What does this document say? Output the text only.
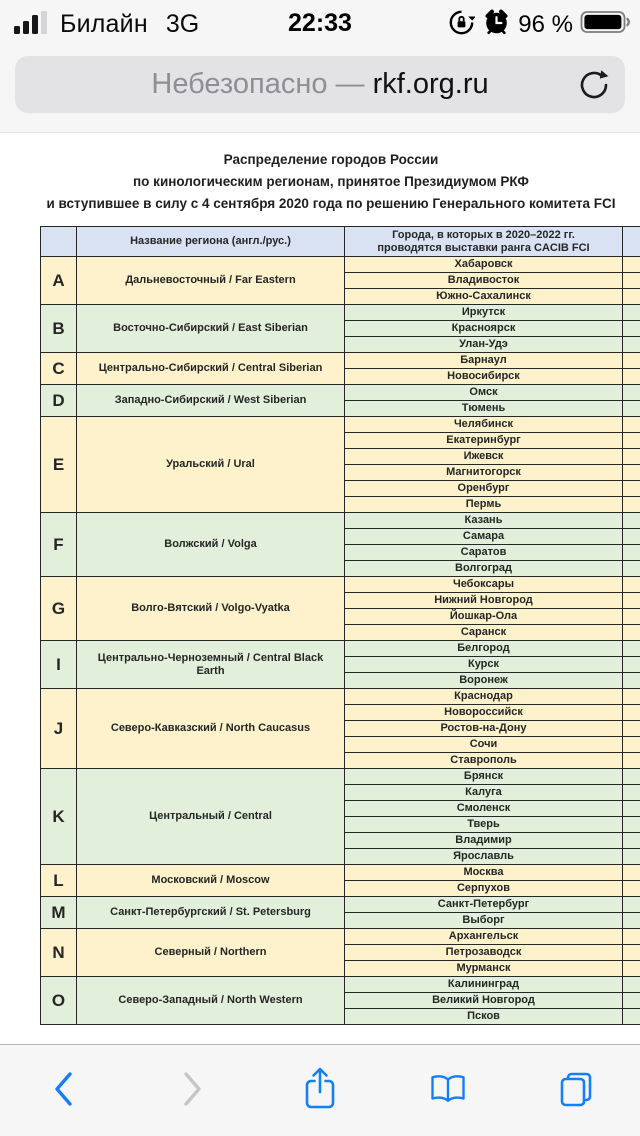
Билайн 3G	22:33	96 %
Небезопасно — rkf.org.ru
Распределение городов России
по кинологическим регионам, принятое Президиумом РКФ
и вступившее в силу с 4 сентября 2020 года по решению Генерального комитета FCI
	Название региона (англ./рус.)	Города, в которых в 2020–2022 гг.
проводятся выставки ранга CACIB FCI	

A	Дальневосточный / Far Eastern	Хабаровск	
		Владивосток	
		Южно-Сахалинск	
B	Восточно-Сибирский / East Siberian	Иркутск	
		Красноярск	
		Улан-Удэ	
C	Центрально-Сибирский / Central Siberian	Барнаул	
		Новосибирск	
D	Западно-Сибирский / West Siberian	Омск	
		Тюмень	
E	Уральский / Ural	Челябинск	
		Екатеринбург	
		Ижевск	
		Магнитогорск	
		Оренбург	
		Пермь	
F	Волжский / Volga	Казань	
		Самара	
		Саратов	
		Волгоград	
G	Волго-Вятский / Volgo-Vyatka	Чебоксары	
		Нижний Новгород	
		Йошкар-Ола	
		Саранск	
I	Центрально-Черноземный / Central Black Earth	Белгород	
		Курск	
		Воронеж	
J	Северо-Кавказский / North Caucasus	Краснодар	
		Новороссийск	
		Ростов-на-Дону	
		Сочи	
		Ставрополь	
K	Центральный / Central	Брянск	
		Калуга	
		Смоленск	
		Тверь	
		Владимир	
		Ярославль	
L	Московский / Moscow	Москва	
		Серпухов	
M	Санкт-Петербургский / St. Petersburg	Санкт-Петербург	
		Выборг	
N	Северный / Northern	Архангельск	
		Петрозаводск	
		Мурманск	
O	Северо-Западный / North Western	Калининград	
		Великий Новгород	
		Псков	
